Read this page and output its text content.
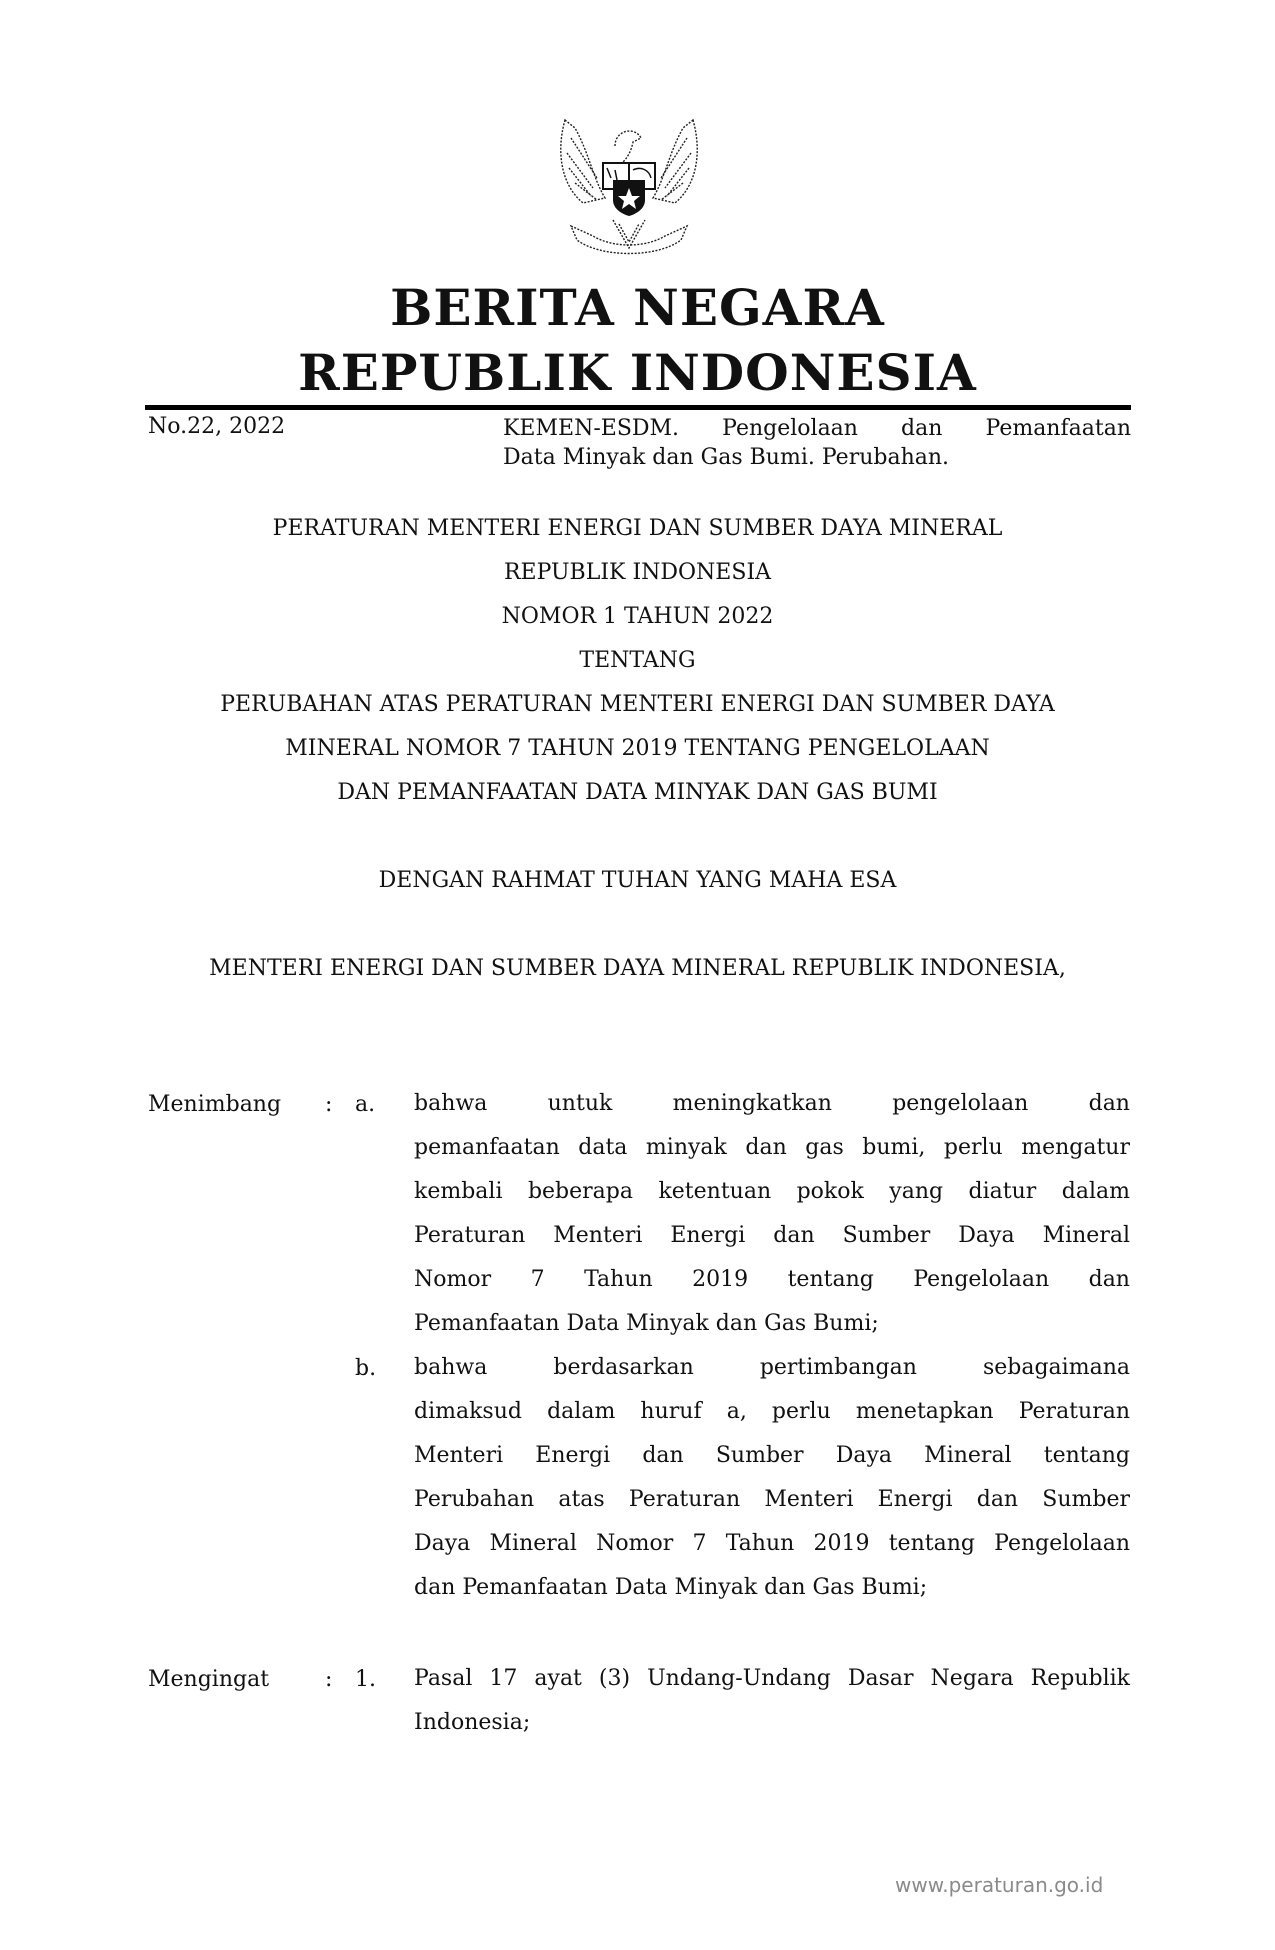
BERITA NEGARA
REPUBLIK INDONESIA
No.22, 2022	KEMEN-ESDM. Pengelolaan dan Pemanfaatan
Data Minyak dan Gas Bumi. Perubahan.
PERATURAN MENTERI ENERGI DAN SUMBER DAYA MINERAL
REPUBLIK INDONESIA
NOMOR 1 TAHUN 2022
TENTANG
PERUBAHAN ATAS PERATURAN MENTERI ENERGI DAN SUMBER DAYA
MINERAL NOMOR 7 TAHUN 2019 TENTANG PENGELOLAAN
DAN PEMANFAATAN DATA MINYAK DAN GAS BUMI
DENGAN RAHMAT TUHAN YANG MAHA ESA
MENTERI ENERGI DAN SUMBER DAYA MINERAL REPUBLIK INDONESIA,
Menimbang : a. bahwa	untuk	meningkatkan	pengelolaan	dan
pemanfaatan data minyak dan gas bumi, perlu mengatur
kembali beberapa ketentuan pokok yang diatur dalam
Peraturan Menteri Energi dan Sumber Daya Mineral
Nomor 7 Tahun 2019 tentang Pengelolaan dan
Pemanfaatan Data Minyak dan Gas Bumi;
b. bahwa	berdasarkan	pertimbangan	sebagaimana
dimaksud dalam huruf a, perlu menetapkan Peraturan
Menteri Energi dan Sumber Daya Mineral tentang
Perubahan atas Peraturan Menteri Energi dan Sumber
Daya Mineral Nomor 7 Tahun 2019 tentang Pengelolaan
dan Pemanfaatan Data Minyak dan Gas Bumi;
Mengingat	: 1. Pasal 17 ayat (3) Undang-Undang Dasar Negara Republik
Indonesia;
www.peraturan.go.id
